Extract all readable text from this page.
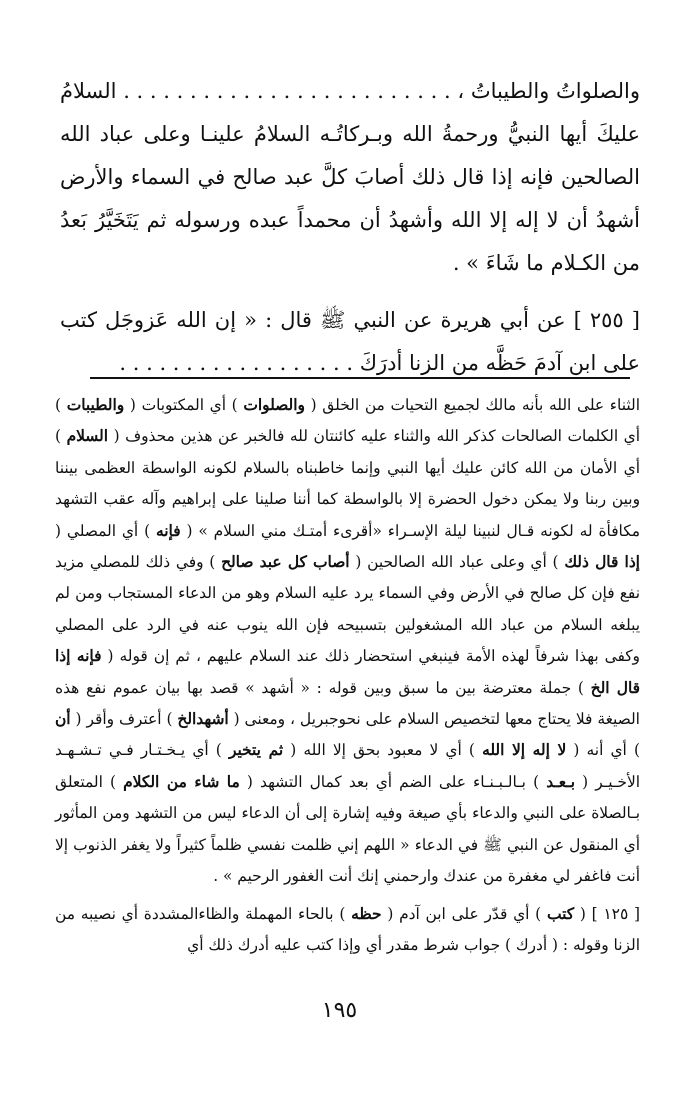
والصلواتُ والطيباتُ ، . . . . . . . . . . . . . . . . . . . . . . . . . السلامُ عليكَ أيها النبيُّ ورحمةُ الله وبـركاتُـه السلامُ علينـا وعلى عباد الله الصالحين فإنه إذا قال ذلك أصابَ كلَّ عبد صالح في السماء والأرض أشهدُ أن لا إله إلا الله وأشهدُ أن محمداً عبده ورسوله ثم يَتَخَيَّرُ بَعدُ من الكـلام ما شَاءَ » .

[ ٢٥٥ ] عن أبي هريرة عن النبي ﷺ قال : « إن الله عَزوجَل كتب على ابن آدمَ حَظَّه من الزنا أدرَكَ . . . . . . . . . . . . . . . . . .

الثناء على الله بأنه مالك لجميع التحيات من الخلق ( والصلوات ) أي المكتوبات ( والطيبات ) أي الكلمات الصالحات كذكر الله والثناء عليه كائنتان لله فالخبر عن هذين محذوف ( السلام ) أي الأمان من الله كائن عليك أيها النبي وإنما خاطبناه بالسلام لكونه الواسطة العظمى بيننا وبين ربنا ولا يمكن دخول الحضرة إلا بالواسطة كما أننا صلينا على إبراهيم وآله عقب التشهد مكافأة له لكونه قـال لنبينا ليلة الإسـراء «أقرىء أمتـك مني السلام » ( فإنه ) أي المصلي ( إذا قال ذلك ) أي وعلى عباد الله الصالحين ( أصاب كل عبد صالح ) وفي ذلك للمصلي مزيد نفع فإن كل صالح في الأرض وفي السماء يرد عليه السلام وهو من الدعاء المستجاب ومن لم يبلغه السلام من عباد الله المشغولين بتسبيحه فإن الله ينوب عنه في الرد على المصلي وكفى بهذا شرفاً لهذه الأمة فينبغي استحضار ذلك عند السلام عليهم ، ثم إن قوله ( فإنه إذا قال الخ ) جملة معترضة بين ما سبق وبين قوله : « أشهد » قصد بها بيان عموم نفع هذه الصيغة فلا يحتاج معها لتخصيص السلام على نحوجبريل ، ومعنى ( أشهدالخ ) أعترف وأقر ( أن ) أي أنه ( لا إله إلا الله ) أي لا معبود بحق إلا الله ( ثم يتخير ) أي يـخـتـار فـي تـشـهـد الأخـيـر ( بـعـد ) بـالـبـنـاء على الضم أي بعد كمال التشهد ( ما شاء من الكلام ) المتعلق بـالصلاة على النبي والدعاء بأي صيغة وفيه إشارة إلى أن الدعاء ليس من التشهد ومن المأثور أي المنقول عن النبي ﷺ في الدعاء « اللهم إني ظلمت نفسي ظلماً كثيراً ولا يغفر الذنوب إلا أنت فاغفر لي مغفرة من عندك وارحمني إنك أنت الغفور الرحيم » .

[ ١٢٥ ] ( كتب ) أي قدّر على ابن آدم ( حظه ) بالحاء المهملة والظاءالمشددة أي نصيبه من الزنا وقوله : ( أدرك ) جواب شرط مقدر أي وإذا كتب عليه أدرك ذلك أي

١٩٥
